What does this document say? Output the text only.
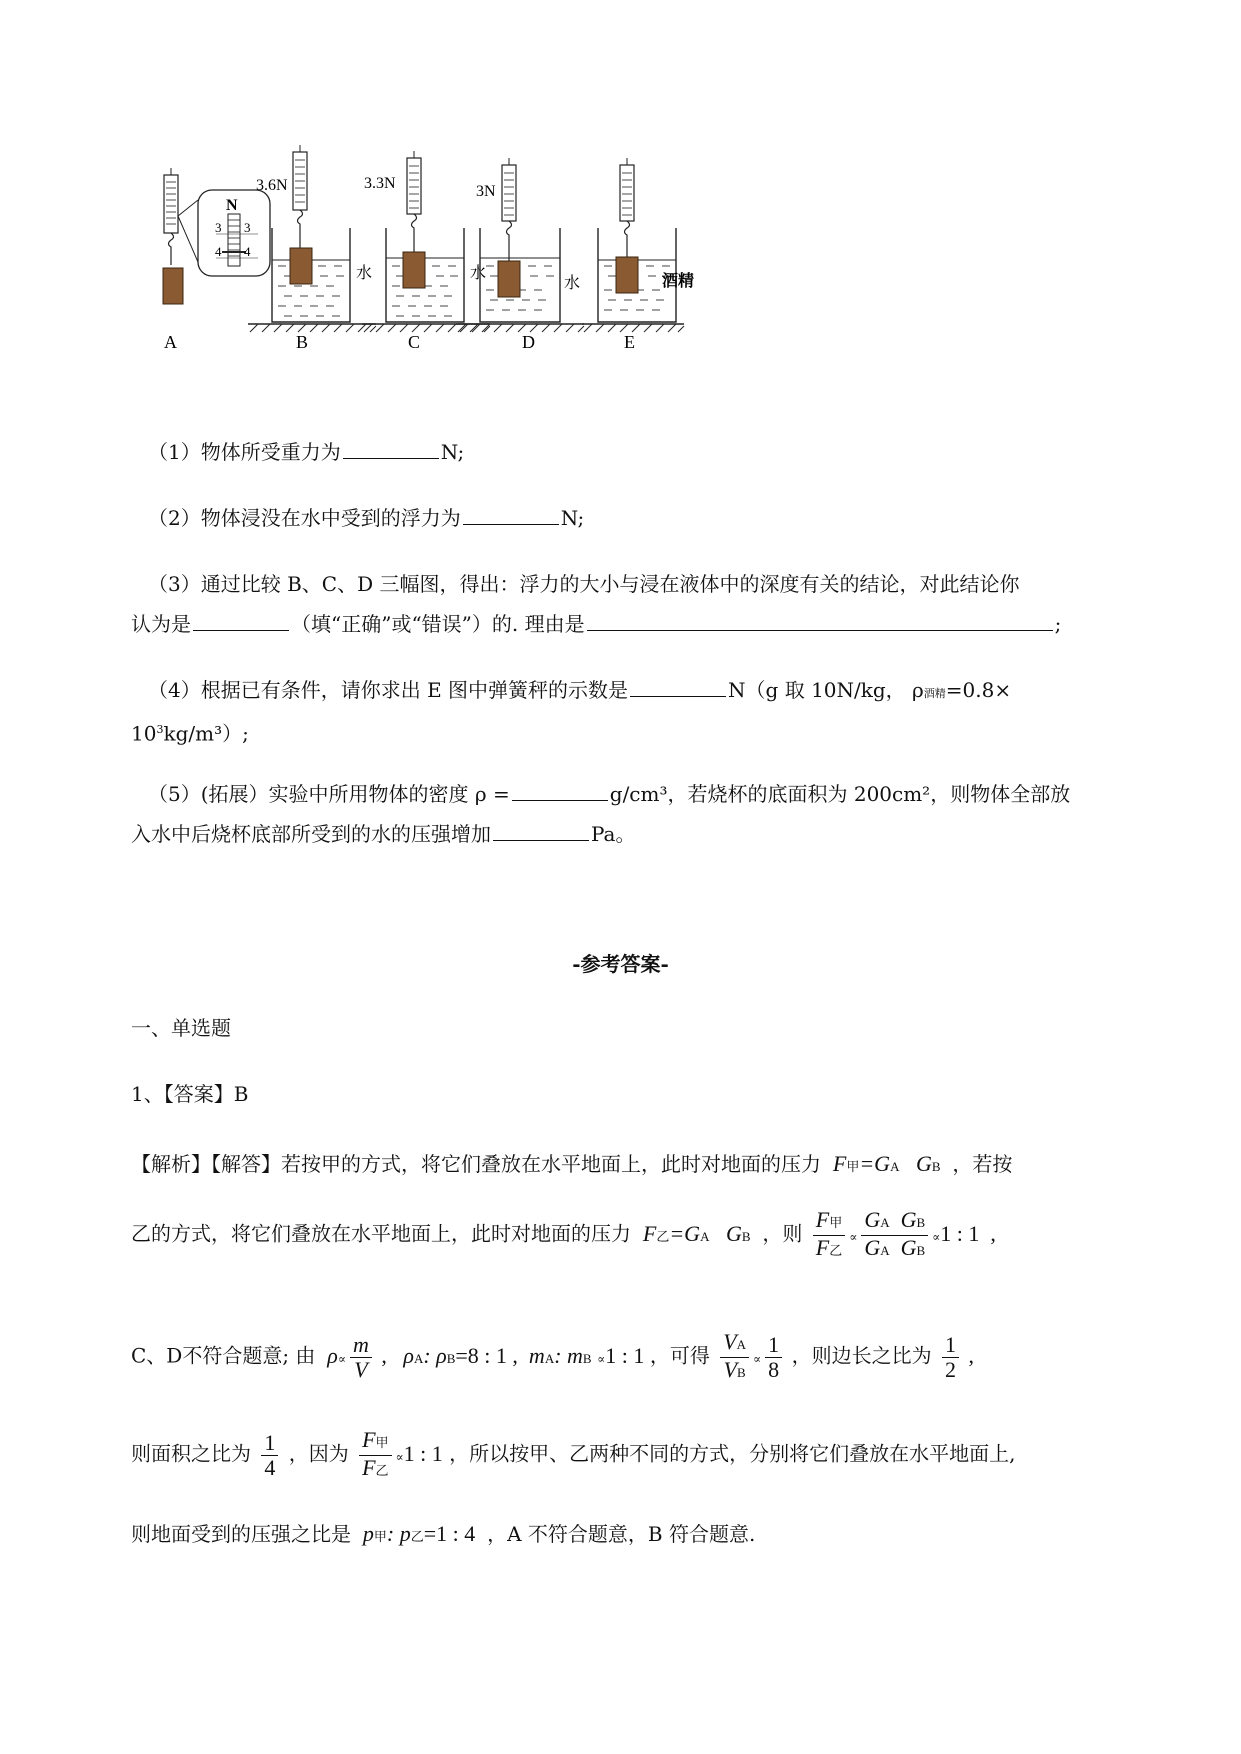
N
3 3
4 4
A
3.6N
水
B
3.3N
水
C
3N
水
D
酒精
E
（1）物体所受重力为	N;
（2）物体浸没在水中受到的浮力为	N;
（3）通过比较 B、C、D 三幅图，得出：浮力的大小与浸在液体中的深度有关的结论，对此结论你
认为是	（填“正确”或“错误”）的. 理由是	;
（4）根据已有条件，请你求出 E 图中弹簧秤的示数是	N（g 取 10N/kg， ρ酒精=0.8×
$10^3kg/m^3$）;
（5）(拓展）实验中所用物体的密度 ρ =	g/cm³，若烧杯的底面积为 200cm²，则物体全部放
入水中后烧杯底部所受到的水的压强增加	Pa。
-参考答案-
一、单选题
1、【答案】B
【解析】【解答】若按甲的方式，将它们叠放在水平地面上，此时对地面的压力  F甲=GA   GB ，若按
乙的方式，将它们叠放在水平地面上，此时对地面的压力  F乙=GA   GB ，则 $\frac{\text{F甲}}{\text{F乙}} \propto \frac{\text{GA  GB}}{\text{GA  GB}} \propto 1$ : 1 ,
C、D不符合题意; 由  $\rho\propto \frac{m}{V}$ ,   ρA: ρB=8 : 1 ,  mA: mB ∝1 : 1 ，可得 $\frac{VA}{VB} \propto \frac{1}{8}$ ，则边长之比为 $\frac{1}{2}$ ,
则面积之比为 $\frac{1}{4}$ ，因为 $\frac{\text{F甲}}{\text{F乙}} \propto 1$ : 1 ，所以按甲、乙两种不同的方式，分别将它们叠放在水平地面上,
则地面受到的压强之比是  p甲: p乙=1 : 4 ，A 不符合题意，B 符合题意.
